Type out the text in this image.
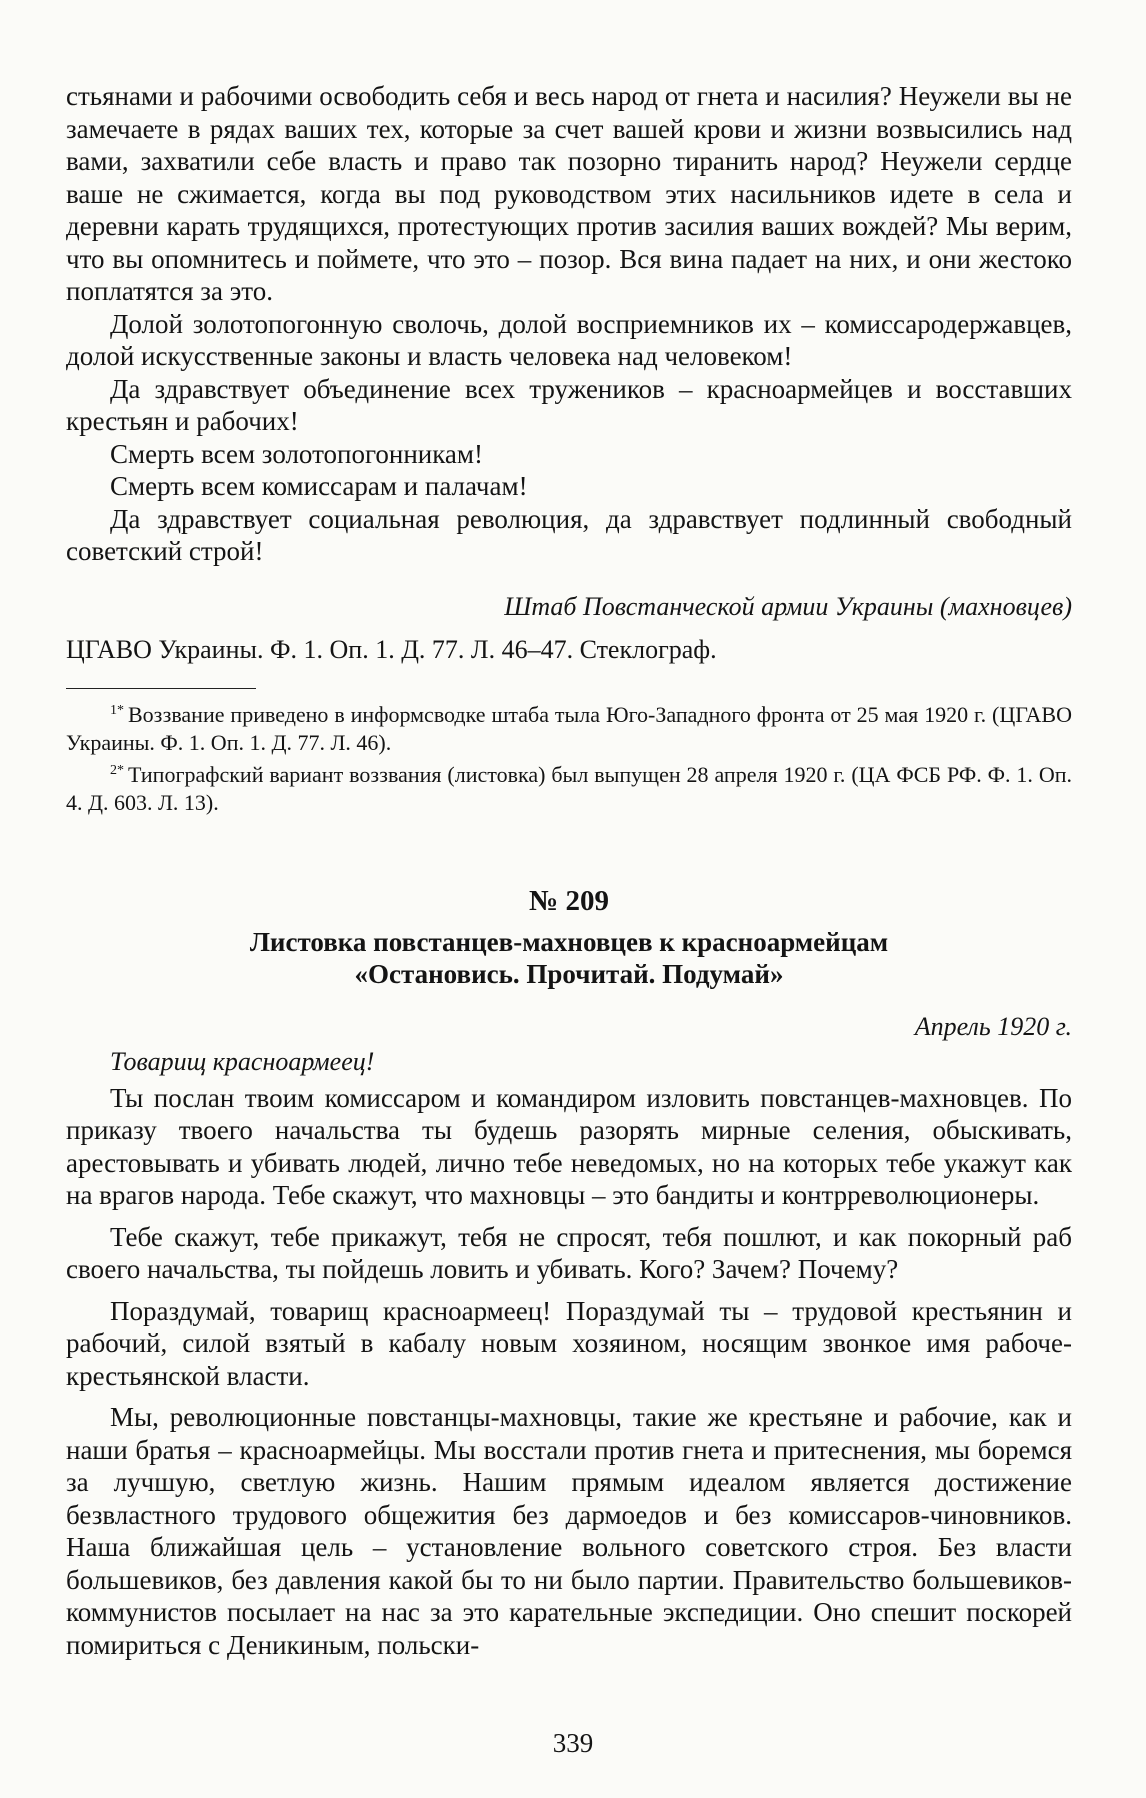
стьянами и рабочими освободить себя и весь народ от гнета и насилия? Неужели вы не замечаете в рядах ваших тех, которые за счет вашей крови и жизни возвысились над вами, захватили себе власть и право так позорно тиранить народ? Неужели сердце ваше не сжимается, когда вы под руководством этих насильников идете в села и деревни карать трудящихся, протестующих против засилия ваших вождей? Мы верим, что вы опомнитесь и поймете, что это – позор. Вся вина падает на них, и они жестоко поплатятся за это.

Долой золотопогонную сволочь, долой восприемников их – комиссародержавцев, долой искусственные законы и власть человека над человеком!

Да здравствует объединение всех тружеников – красноармейцев и восставших крестьян и рабочих!

Смерть всем золотопогонникам!

Смерть всем комиссарам и палачам!

Да здравствует социальная революция, да здравствует подлинный свободный советский строй!

Штаб Повстанческой армии Украины (махновцев)

ЦГАВО Украины. Ф. 1. Оп. 1. Д. 77. Л. 46–47. Стеклограф.

$^{1*}$ Воззвание приведено в информсводке штаба тыла Юго-Западного фронта от 25 мая 1920 г. (ЦГАВО Украины. Ф. 1. Оп. 1. Д. 77. Л. 46).

$^{2*}$ Типографский вариант воззвания (листовка) был выпущен 28 апреля 1920 г. (ЦА ФСБ РФ. Ф. 1. Оп. 4. Д. 603. Л. 13).

№ 209
Листовка повстанцев-махновцев к красноармейцам
«Остановись. Прочитай. Подумай»
Апрель 1920 г.
Товарищ красноармеец!

Ты послан твоим комиссаром и командиром изловить повстанцев-махновцев. По приказу твоего начальства ты будешь разорять мирные селения, обыскивать, арестовывать и убивать людей, лично тебе неведомых, но на которых тебе укажут как на врагов народа. Тебе скажут, что махновцы – это бандиты и контрреволюционеры.

Тебе скажут, тебе прикажут, тебя не спросят, тебя пошлют, и как покорный раб своего начальства, ты пойдешь ловить и убивать. Кого? Зачем? Почему?

Пораздумай, товарищ красноармеец! Пораздумай ты – трудовой крестьянин и рабочий, силой взятый в кабалу новым хозяином, носящим звонкое имя рабоче-крестьянской власти.

Мы, революционные повстанцы-махновцы, такие же крестьяне и рабочие, как и наши братья – красноармейцы. Мы восстали против гнета и притеснения, мы боремся за лучшую, светлую жизнь. Нашим прямым идеалом является достижение безвластного трудового общежития без дармоедов и без комиссаров-чиновников. Наша ближайшая цель – установление вольного советского строя. Без власти большевиков, без давления какой бы то ни было партии. Правительство большевиков-коммунистов посылает на нас за это карательные экспедиции. Оно спешит поскорей помириться с Деникиным, польски-

339
